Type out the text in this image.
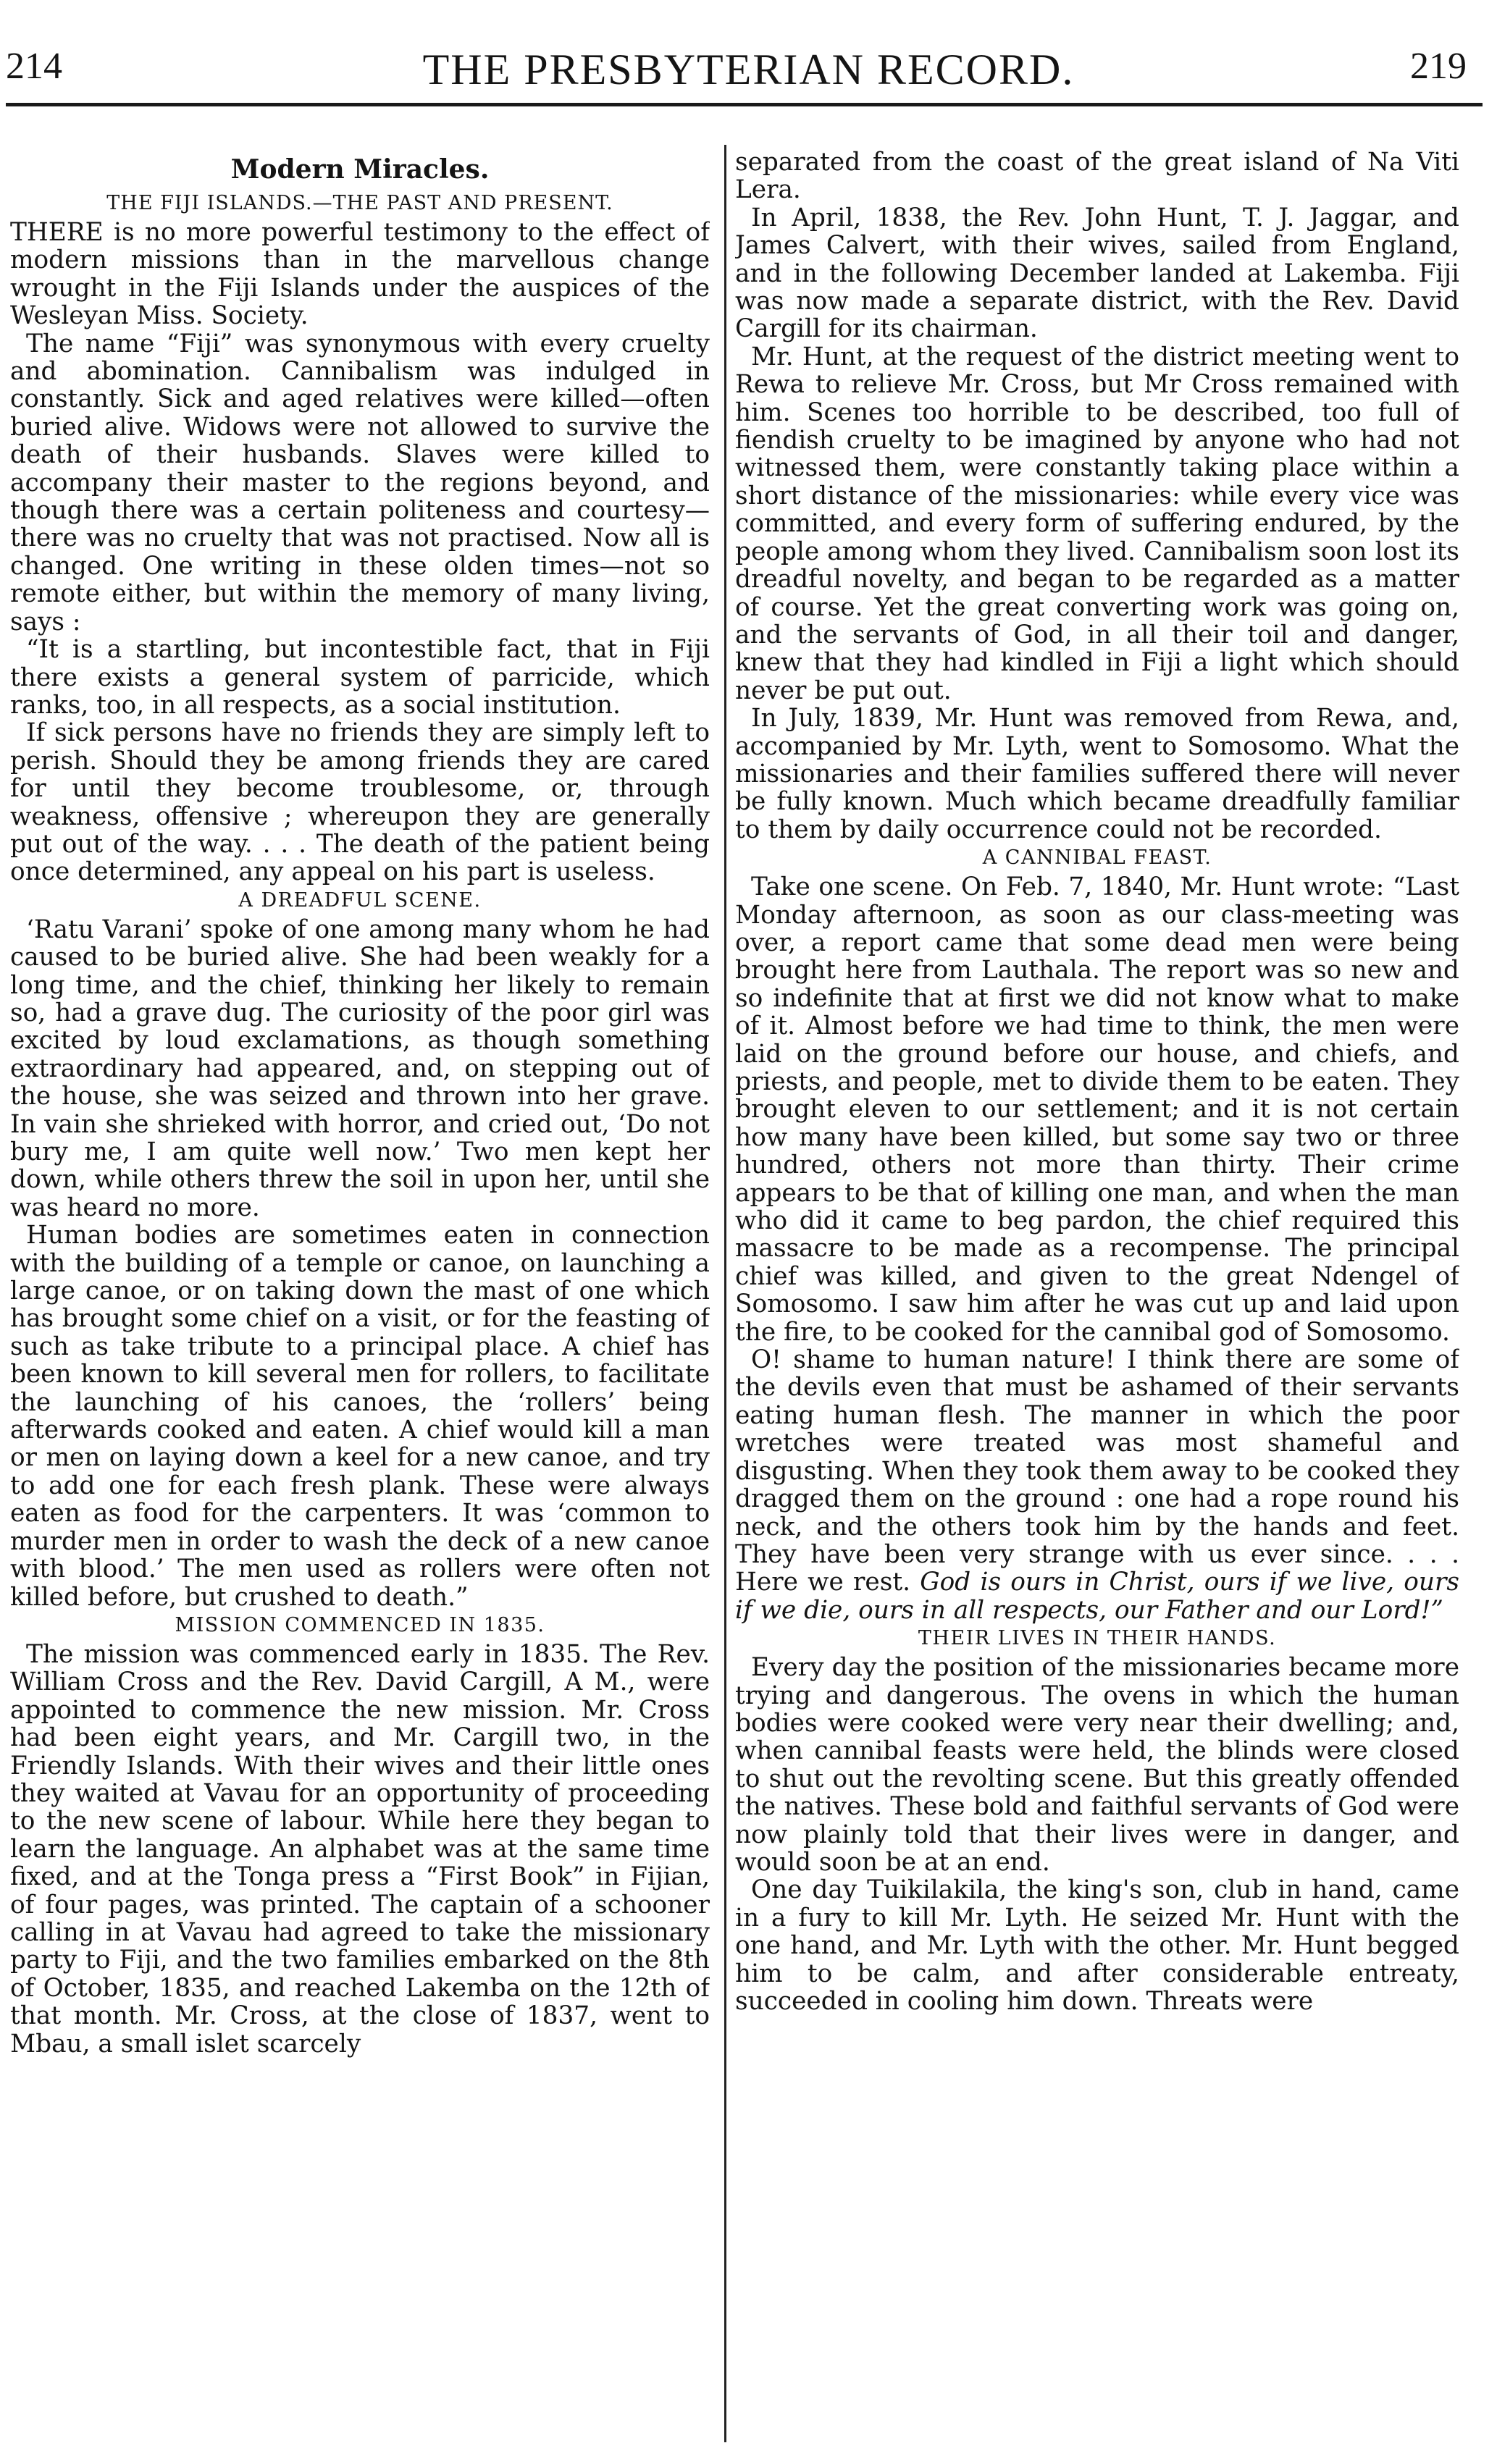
214	THE PRESBYTERIAN RECORD.	219
Modern Miracles.
THE FIJI ISLANDS.—THE PAST AND PRESENT.

THERE is no more powerful testimony to the effect of modern missions than in the marvellous change wrought in the Fiji Islands under the auspices of the Wesleyan Miss. Society.

The name “Fiji” was synonymous with every cruelty and abomination. Cannibalism was indulged in constantly. Sick and aged relatives were killed—often buried alive. Widows were not allowed to survive the death of their husbands. Slaves were killed to accompany their master to the regions beyond, and though there was a certain politeness and courtesy—there was no cruelty that was not practised. Now all is changed. One writing in these olden times—not so remote either, but within the memory of many living, says :

“It is a startling, but incontestible fact, that in Fiji there exists a general system of parricide, which ranks, too, in all respects, as a social institution.

If sick persons have no friends they are simply left to perish. Should they be among friends they are cared for until they become troublesome, or, through weakness, offensive ; whereupon they are generally put out of the way. . . . The death of the patient being once determined, any appeal on his part is useless.

A DREADFUL SCENE.

‘Ratu Varani’ spoke of one among many whom he had caused to be buried alive. She had been weakly for a long time, and the chief, thinking her likely to remain so, had a grave dug. The curiosity of the poor girl was excited by loud exclamations, as though something extraordinary had appeared, and, on stepping out of the house, she was seized and thrown into her grave. In vain she shrieked with horror, and cried out, ‘Do not bury me, I am quite well now.’ Two men kept her down, while others threw the soil in upon her, until she was heard no more.

Human bodies are sometimes eaten in connection with the building of a temple or canoe, on launching a large canoe, or on taking down the mast of one which has brought some chief on a visit, or for the feasting of such as take tribute to a principal place. A chief has been known to kill several men for rollers, to facilitate the launching of his canoes, the ‘rollers’ being afterwards cooked and eaten. A chief would kill a man or men on laying down a keel for a new canoe, and try to add one for each fresh plank. These were always eaten as food for the carpenters. It was ‘common to murder men in order to wash the deck of a new canoe with blood.’ The men used as rollers were often not killed before, but crushed to death.”

MISSION COMMENCED IN 1835.

The mission was commenced early in 1835. The Rev. William Cross and the Rev. David Cargill, A M., were appointed to commence the new mission. Mr. Cross had been eight years, and Mr. Cargill two, in the Friendly Islands. With their wives and their little ones they waited at Vavau for an opportunity of proceeding to the new scene of labour. While here they began to learn the language. An alphabet was at the same time fixed, and at the Tonga press a “First Book” in Fijian, of four pages, was printed. The captain of a schooner calling in at Vavau had agreed to take the missionary party to Fiji, and the two families embarked on the 8th of October, 1835, and reached Lakemba on the 12th of that month. Mr. Cross, at the close of 1837, went to Mbau, a small islet scarcely

separated from the coast of the great island of Na Viti Lera.

In April, 1838, the Rev. John Hunt, T. J. Jaggar, and James Calvert, with their wives, sailed from England, and in the following December landed at Lakemba. Fiji was now made a separate district, with the Rev. David Cargill for its chairman.

Mr. Hunt, at the request of the district meeting went to Rewa to relieve Mr. Cross, but Mr Cross remained with him. Scenes too horrible to be described, too full of fiendish cruelty to be imagined by anyone who had not witnessed them, were constantly taking place within a short distance of the missionaries: while every vice was committed, and every form of suffering endured, by the people among whom they lived. Cannibalism soon lost its dreadful novelty, and began to be regarded as a matter of course. Yet the great converting work was going on, and the servants of God, in all their toil and danger, knew that they had kindled in Fiji a light which should never be put out.

In July, 1839, Mr. Hunt was removed from Rewa, and, accompanied by Mr. Lyth, went to Somosomo. What the missionaries and their families suffered there will never be fully known. Much which became dreadfully familiar to them by daily occurrence could not be recorded.

A CANNIBAL FEAST.

Take one scene. On Feb. 7, 1840, Mr. Hunt wrote: “Last Monday afternoon, as soon as our class-meeting was over, a report came that some dead men were being brought here from Lauthala. The report was so new and so indefinite that at first we did not know what to make of it. Almost before we had time to think, the men were laid on the ground before our house, and chiefs, and priests, and people, met to divide them to be eaten. They brought eleven to our settlement; and it is not certain how many have been killed, but some say two or three hundred, others not more than thirty. Their crime appears to be that of killing one man, and when the man who did it came to beg pardon, the chief required this massacre to be made as a recompense. The principal chief was killed, and given to the great Ndengel of Somosomo. I saw him after he was cut up and laid upon the fire, to be cooked for the cannibal god of Somosomo.

O! shame to human nature! I think there are some of the devils even that must be ashamed of their servants eating human flesh. The manner in which the poor wretches were treated was most shameful and disgusting. When they took them away to be cooked they dragged them on the ground : one had a rope round his neck, and the others took him by the hands and feet. They have been very strange with us ever since. . . . Here we rest. God is ours in Christ, ours if we live, ours if we die, ours in all respects, our Father and our Lord!”

THEIR LIVES IN THEIR HANDS.

Every day the position of the missionaries became more trying and dangerous. The ovens in which the human bodies were cooked were very near their dwelling; and, when cannibal feasts were held, the blinds were closed to shut out the revolting scene. But this greatly offended the natives. These bold and faithful servants of God were now plainly told that their lives were in danger, and would soon be at an end.

One day Tuikilakila, the king's son, club in hand, came in a fury to kill Mr. Lyth. He seized Mr. Hunt with the one hand, and Mr. Lyth with the other. Mr. Hunt begged him to be calm, and after considerable entreaty, succeeded in cooling him down. Threats were
